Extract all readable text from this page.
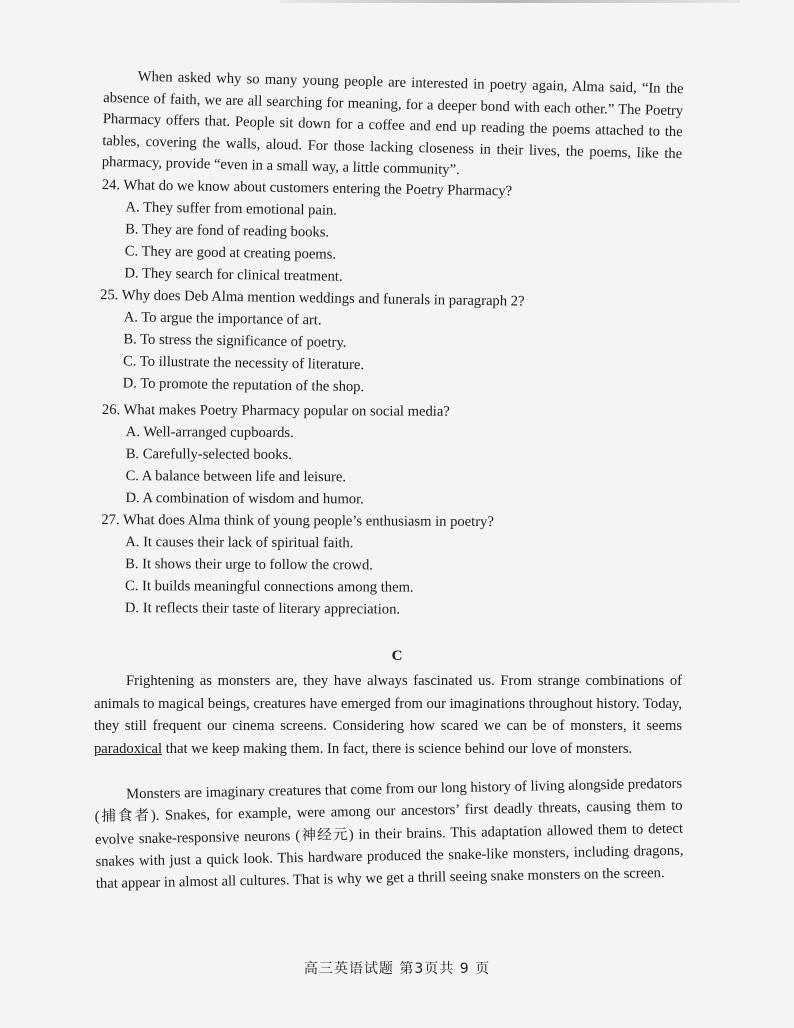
When asked why so many young people are interested in poetry again, Alma said, “In the absence of faith, we are all searching for meaning, for a deeper bond with each other.” The Poetry Pharmacy offers that. People sit down for a coffee and end up reading the poems attached to the tables, covering the walls, aloud. For those lacking closeness in their lives, the poems, like the pharmacy, provide “even in a small way, a little community”.

24. What do we know about customers entering the Poetry Pharmacy?
A. They suffer from emotional pain.
B. They are fond of reading books.
C. They are good at creating poems.
D. They search for clinical treatment.
25. Why does Deb Alma mention weddings and funerals in paragraph 2?
A. To argue the importance of art.
B. To stress the significance of poetry.
C. To illustrate the necessity of literature.
D. To promote the reputation of the shop.
26. What makes Poetry Pharmacy popular on social media?
A. Well-arranged cupboards.
B. Carefully-selected books.
C. A balance between life and leisure.
D. A combination of wisdom and humor.
27. What does Alma think of young people’s enthusiasm in poetry?
A. It causes their lack of spiritual faith.
B. It shows their urge to follow the crowd.
C. It builds meaningful connections among them.
D. It reflects their taste of literary appreciation.
C

Frightening as monsters are, they have always fascinated us. From strange combinations of animals to magical beings, creatures have emerged from our imaginations throughout history. Today, they still frequent our cinema screens. Considering how scared we can be of monsters, it seems paradoxical that we keep making them. In fact, there is science behind our love of monsters.

Monsters are imaginary creatures that come from our long history of living alongside predators (捕食者). Snakes, for example, were among our ancestors’ first deadly threats, causing them to evolve snake-responsive neurons (神经元) in their brains. This adaptation allowed them to detect snakes with just a quick look. This hardware produced the snake-like monsters, including dragons, that appear in almost all cultures. That is why we get a thrill seeing snake monsters on the screen.

高三英语试题 第3页共 9 页
